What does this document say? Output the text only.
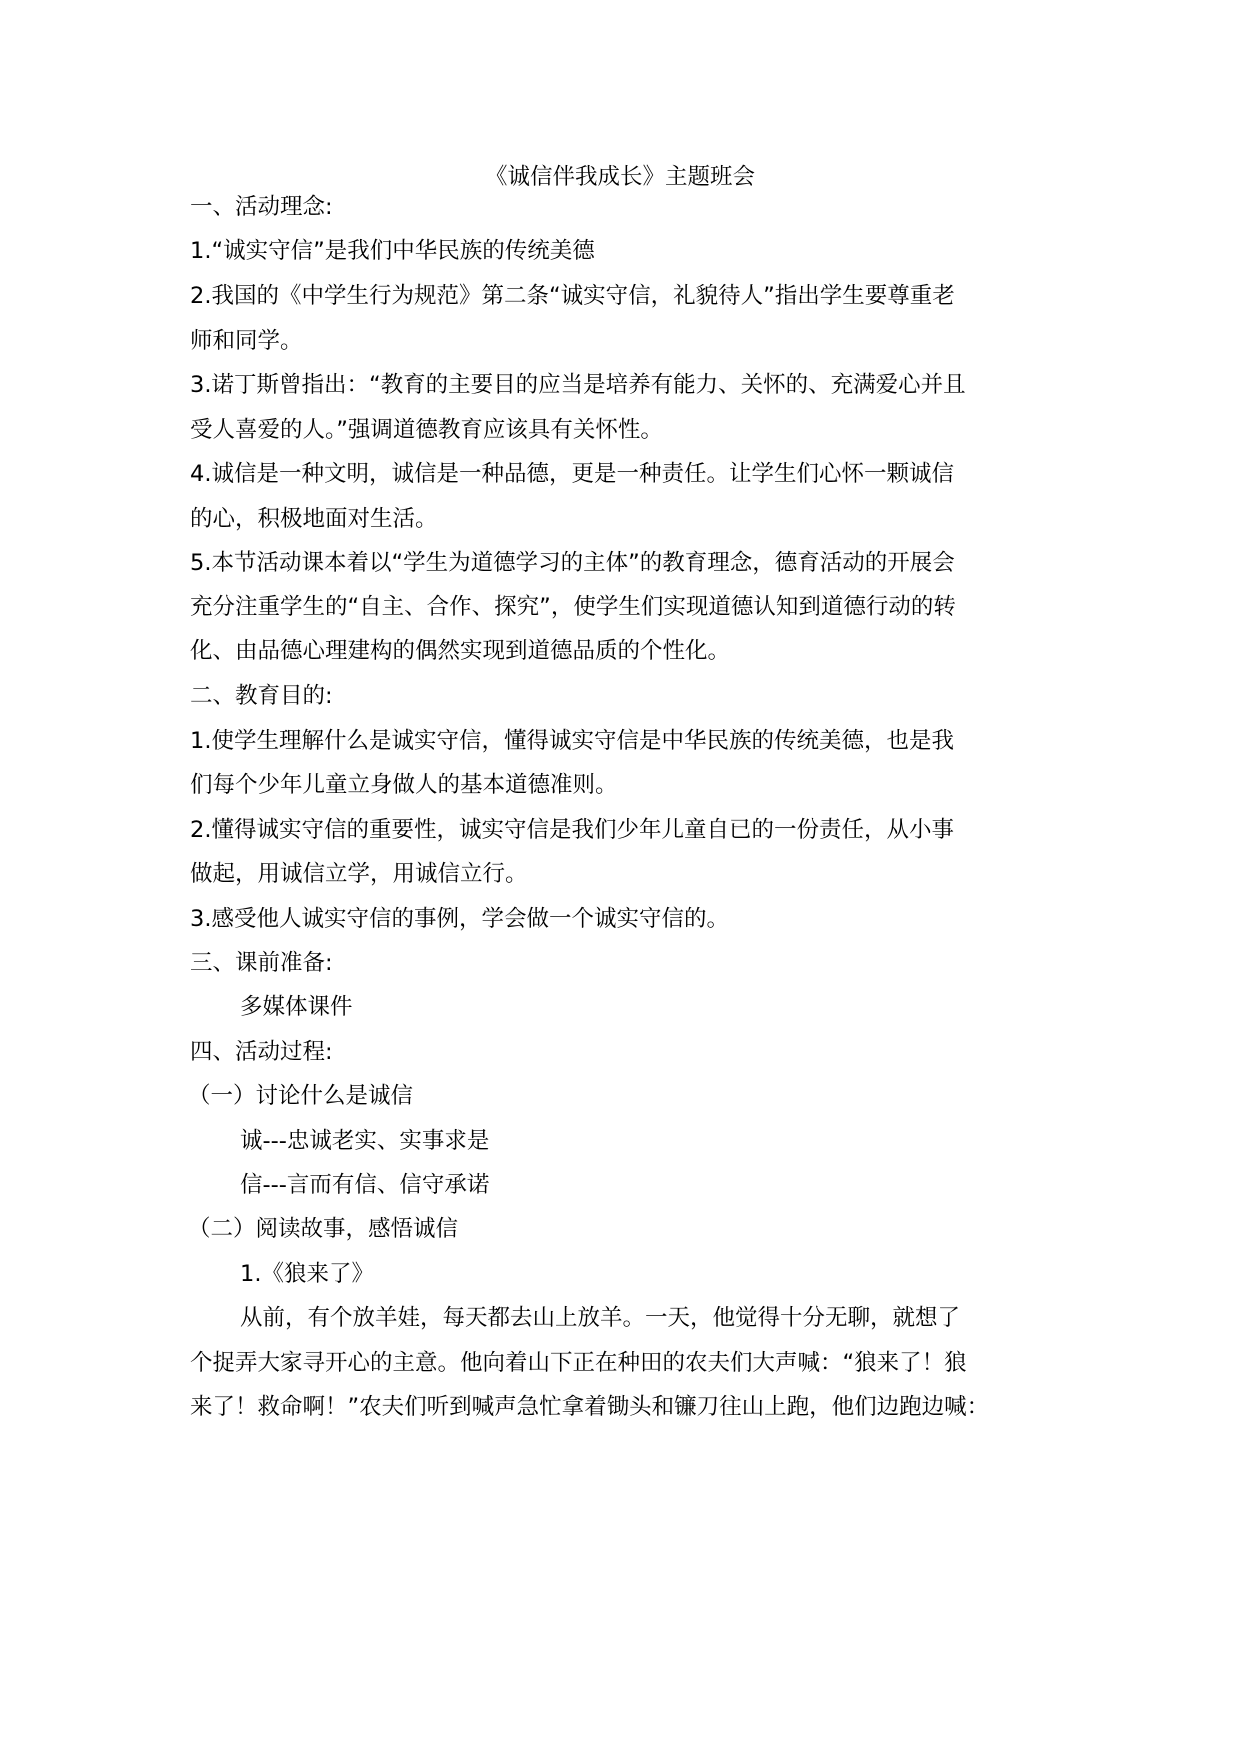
《诚信伴我成长》主题班会
一、活动理念:
1.“诚实守信”是我们中华民族的传统美德
2.我国的《中学生行为规范》第二条“诚实守信，礼貌待人”指出学生要尊重老
师和同学。
3.诺丁斯曾指出：“教育的主要目的应当是培养有能力、关怀的、充满爱心并且
受人喜爱的人。”强调道德教育应该具有关怀性。
4.诚信是一种文明，诚信是一种品德，更是一种责任。让学生们心怀一颗诚信
的心，积极地面对生活。
5.本节活动课本着以“学生为道德学习的主体”的教育理念，德育活动的开展会
充分注重学生的“自主、合作、探究”，使学生们实现道德认知到道德行动的转
化、由品德心理建构的偶然实现到道德品质的个性化。
二、教育目的:
1.使学生理解什么是诚实守信，懂得诚实守信是中华民族的传统美德，也是我
们每个少年儿童立身做人的基本道德准则。
2.懂得诚实守信的重要性，诚实守信是我们少年儿童自已的一份责任，从小事
做起，用诚信立学，用诚信立行。
3.感受他人诚实守信的事例，学会做一个诚实守信的。
三、课前准备:
多媒体课件
四、活动过程:
（一）讨论什么是诚信
诚---忠诚老实、实事求是
信---言而有信、信守承诺
（二）阅读故事，感悟诚信
1.《狼来了》
从前，有个放羊娃，每天都去山上放羊。一天，他觉得十分无聊，就想了
个捉弄大家寻开心的主意。他向着山下正在种田的农夫们大声喊：“狼来了！狼
来了！救命啊！”农夫们听到喊声急忙拿着锄头和镰刀往山上跑，他们边跑边喊：
